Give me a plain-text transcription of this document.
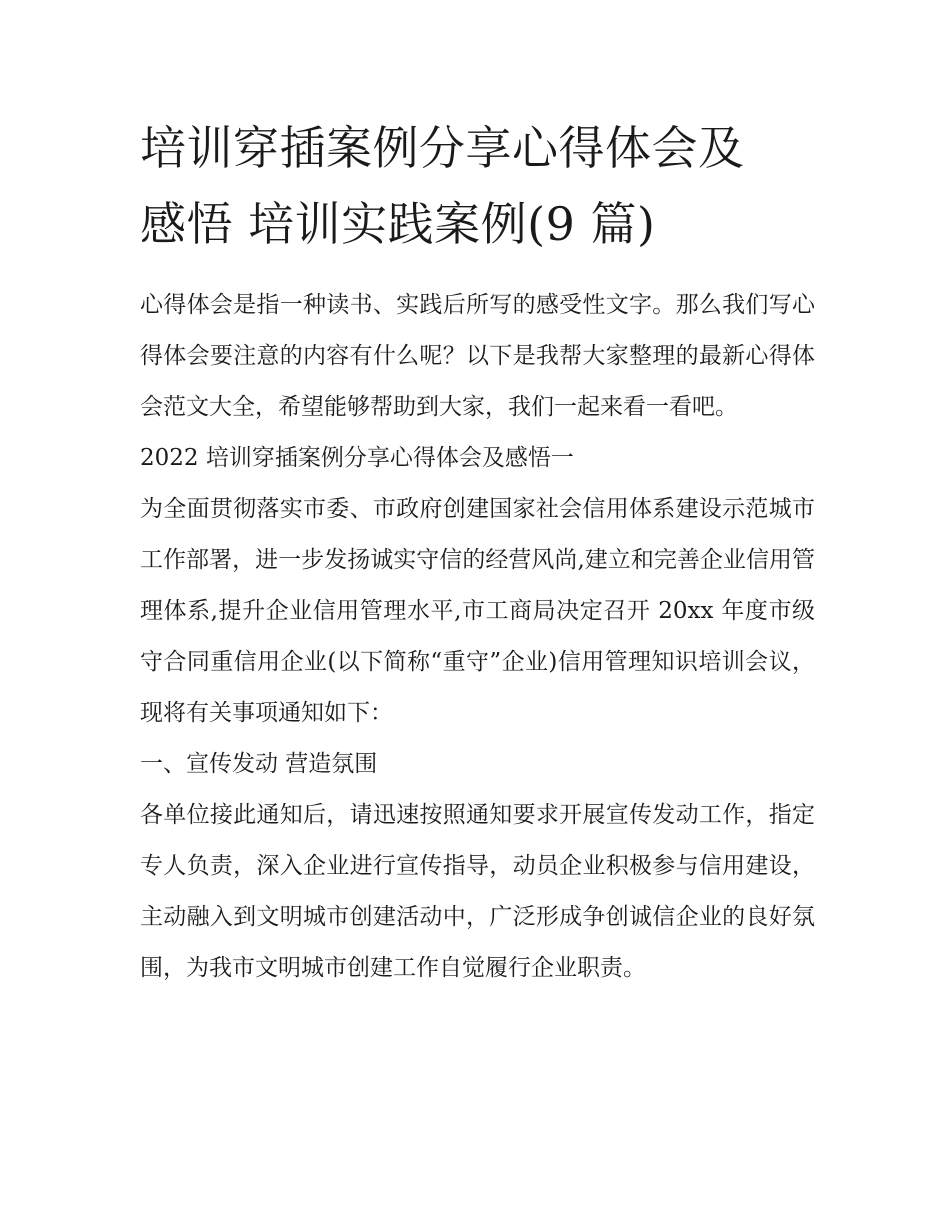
培训穿插案例分享心得体会及
感悟 培训实践案例(9 篇)

心得体会是指一种读书、实践后所写的感受性文字。那么我们写心得体会要注意的内容有什么呢？以下是我帮大家整理的最新心得体会范文大全，希望能够帮助到大家，我们一起来看一看吧。

2022 培训穿插案例分享心得体会及感悟一

为全面贯彻落实市委、市政府创建国家社会信用体系建设示范城市工作部署，进一步发扬诚实守信的经营风尚,建立和完善企业信用管理体系,提升企业信用管理水平,市工商局决定召开 20xx 年度市级守合同重信用企业(以下简称“重守”企业)信用管理知识培训会议，现将有关事项通知如下：

一、宣传发动 营造氛围

各单位接此通知后，请迅速按照通知要求开展宣传发动工作，指定专人负责，深入企业进行宣传指导，动员企业积极参与信用建设，主动融入到文明城市创建活动中，广泛形成争创诚信企业的良好氛围，为我市文明城市创建工作自觉履行企业职责。
